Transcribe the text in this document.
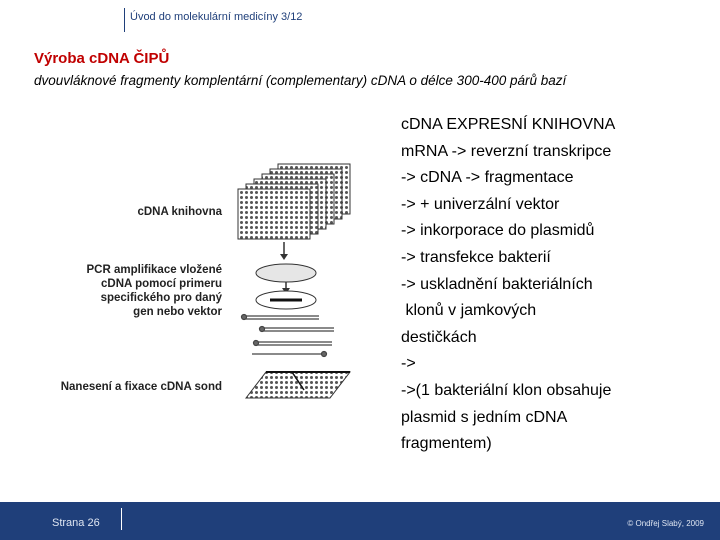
Úvod do molekulární medicíny 3/12
Výroba cDNA ČIPŮ
dvouvláknové fragmenty komplentární (complementary) cDNA o délce 300-400 párů bazí
cDNA knihovna
PCR amplifikace vložené
cDNA pomocí primeru
specifického pro daný
gen nebo vektor
Nanesení a fixace cDNA sond
cDNA EXPRESNÍ KNIHOVNA
mRNA -> reverzní transkripce
-> cDNA -> fragmentace
-> + univerzální vektor
-> inkorporace do plasmidů
-> transfekce bakterií
-> uskladnění bakteriálních
klonů v jamkových
destičkách
->
->(1 bakteriální klon obsahuje
plasmid s jedním cDNA
fragmentem)
Strana 26	© Ondřej Slabý, 2009
